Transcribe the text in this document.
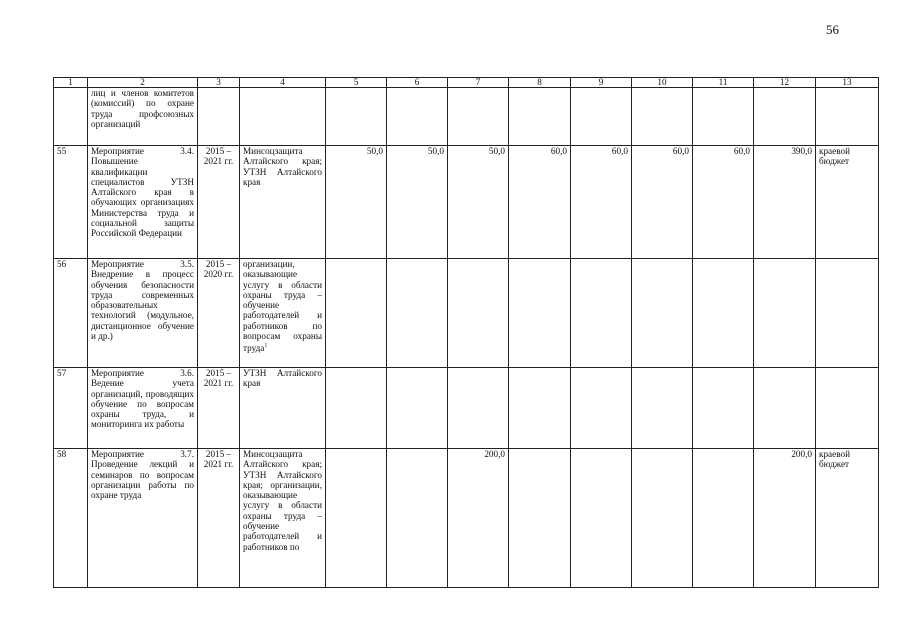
56
1	2	3	4	5	6	7	8	9	10	11	12	13
	лиц и членов комитетов (комиссий) по охране труда профсоюзных организаций											
55	Мероприятие 3.4. Повышение квалификации специалистов УТЗН Алтайского края в обучающих организациях Министерства труда и социальной защиты Российской Федерации	2015 – 2021 гг.	Минсоцзащита Алтайского края; УТЗН Алтайского края	50,0	50,0	50,0	60,0	60,0	60,0	60,0	390,0	краевой бюджет
56	Мероприятие 3.5. Внедрение в процесс обучения безопасности труда современных образовательных технологий (модульное, дистанционное обучение и др.)	2015 – 2020 гг.	организации, оказывающие услугу в области охраны труда – обучение работодателей и работников по вопросам охраны труда$^1$									
57	Мероприятие 3.6. Ведение учета организаций, проводящих обучение по вопросам охраны труда, и мониторинга их работы	2015 – 2021 гг.	УТЗН Алтайского края									
58	Мероприятие 3.7. Проведение лекций и семинаров по вопросам организации работы по охране труда	2015 – 2021 гг.	Минсоцзащита Алтайского края; УТЗН Алтайского края; организации, оказывающие услугу в области охраны труда – обучение работодателей и работников по			200,0					200,0	краевой бюджет
